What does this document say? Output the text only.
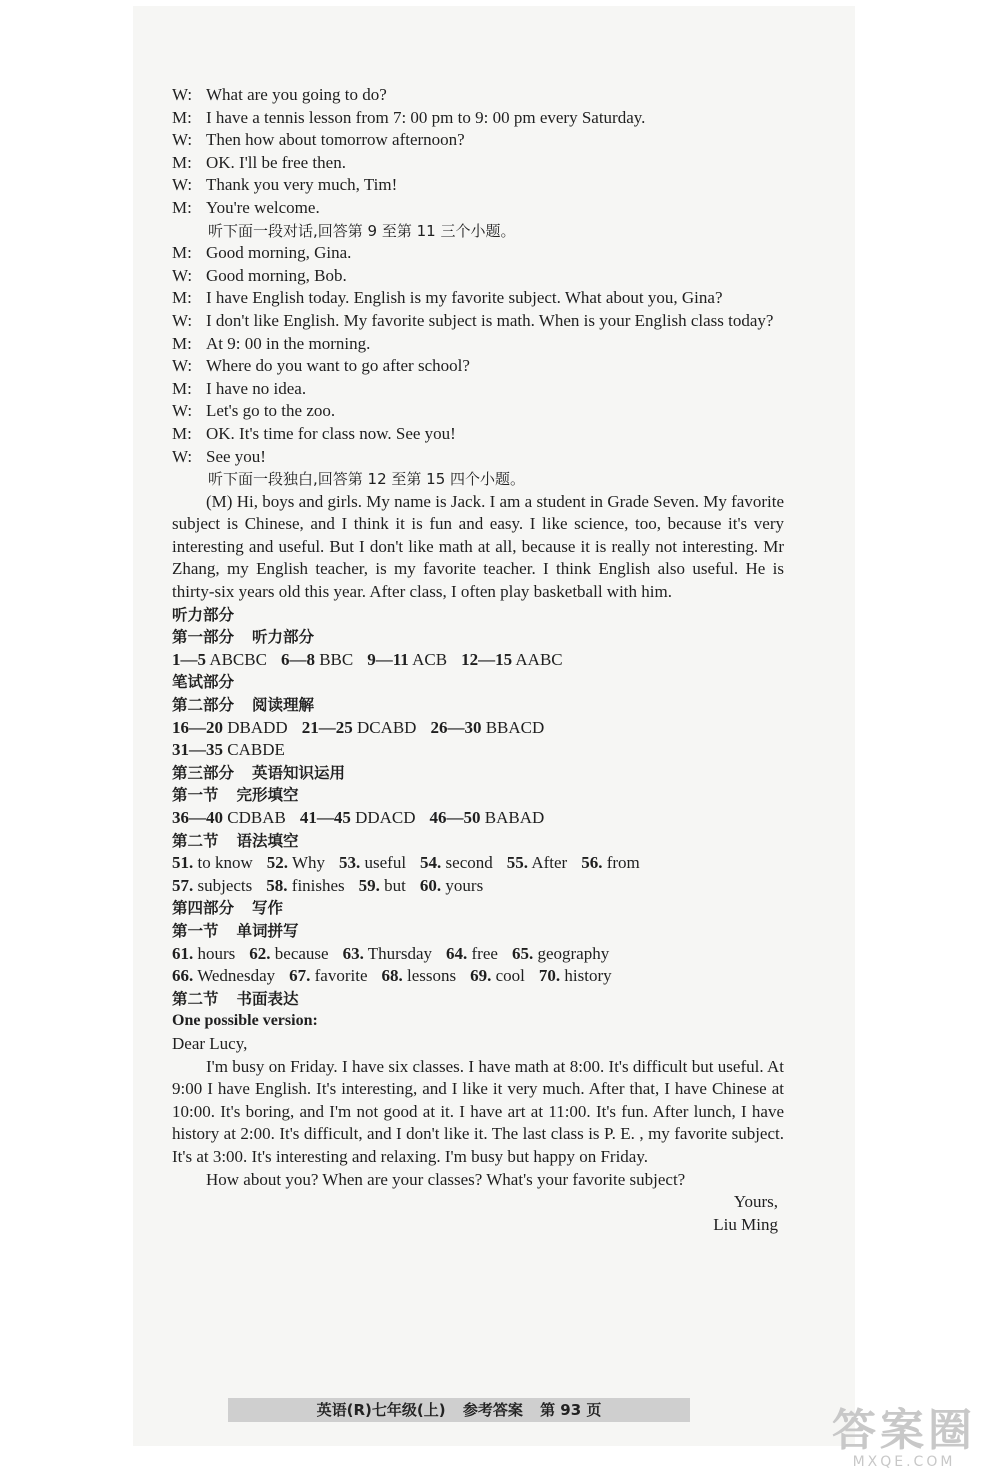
W: What are you going to do?
M: I have a tennis lesson from 7: 00 pm to 9: 00 pm every Saturday.
W: Then how about tomorrow afternoon?
M: OK. I'll be free then.
W: Thank you very much, Tim!
M: You're welcome.
听下面一段对话,回答第 9 至第 11 三个小题。
M: Good morning, Gina.
W: Good morning, Bob.
M: I have English today. English is my favorite subject. What about you, Gina?
W: I don't like English. My favorite subject is math. When is your English class today?
M: At 9: 00 in the morning.
W: Where do you want to go after school?
M: I have no idea.
W: Let's go to the zoo.
M: OK. It's time for class now. See you!
W: See you!
听下面一段独白,回答第 12 至第 15 四个小题。
(M) Hi, boys and girls. My name is Jack. I am a student in Grade Seven. My favorite subject is Chinese, and I think it is fun and easy. I like science, too, because it's very interesting and useful. But I don't like math at all, because it is really not interesting. Mr Zhang, my English teacher, is my favorite teacher. I think English also useful. He is thirty-six years old this year. After class, I often play basketball with him.
听力部分
第一部分 听力部分
1—5 ABCBC 6—8 BBC 9—11 ACB 12—15 AABC
笔试部分
第二部分 阅读理解
16—20 DBADD 21—25 DCABD 26—30 BBACD
31—35 CABDE
第三部分 英语知识运用
第一节 完形填空
36—40 CDBAB 41—45 DDACD 46—50 BABAD
第二节 语法填空
51. to know 52. Why 53. useful 54. second 55. After 56. from
57. subjects 58. finishes 59. but 60. yours
第四部分 写作
第一节 单词拼写
61. hours 62. because 63. Thursday 64. free 65. geography
66. Wednesday 67. favorite 68. lessons 69. cool 70. history
第二节 书面表达
One possible version:
Dear Lucy,
I'm busy on Friday. I have six classes. I have math at 8:00. It's difficult but useful. At 9:00 I have English. It's interesting, and I like it very much. After that, I have Chinese at 10:00. It's boring, and I'm not good at it. I have art at 11:00. It's fun. After lunch, I have history at 2:00. It's difficult, and I don't like it. The last class is P. E. , my favorite subject. It's at 3:00. It's interesting and relaxing. I'm busy but happy on Friday.
How about you? When are your classes? What's your favorite subject?
Yours,
Liu Ming
英语(R)七年级(上) 参考答案 第 93 页	答案圈
MXQE.COM
